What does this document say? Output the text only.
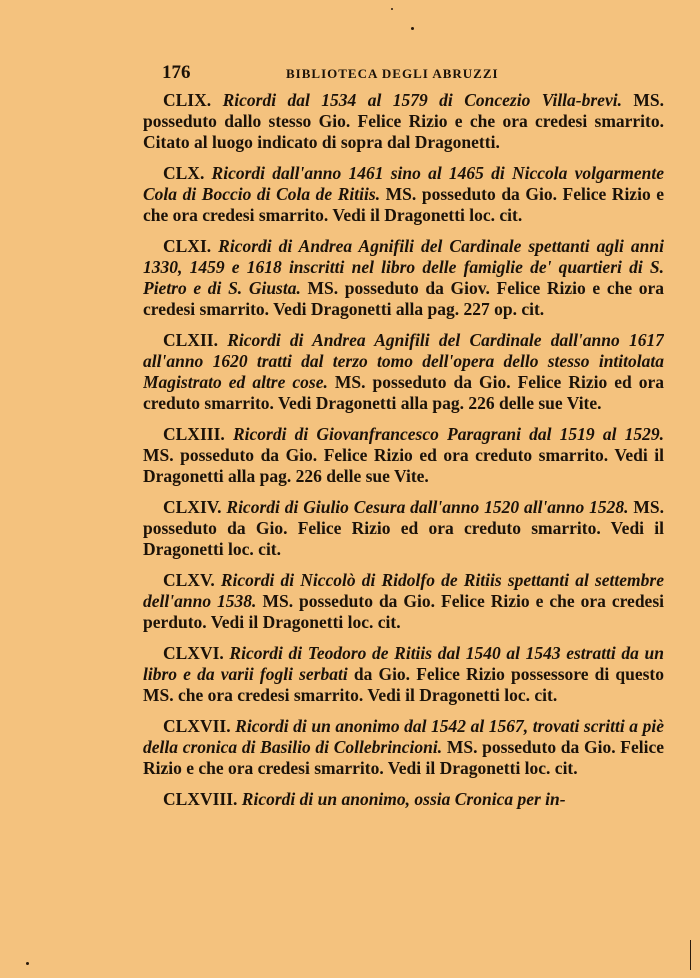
176	BIBLIOTECA DEGLI ABRUZZI

CLIX. Ricordi dal 1534 al 1579 di Concezio Villa-brevi. MS. posseduto dallo stesso Gio. Felice Rizio e che ora credesi smarrito. Citato al luogo indicato di sopra dal Dragonetti.

CLX. Ricordi dall'anno 1461 sino al 1465 di Niccola volgarmente Cola di Boccio di Cola de Ritiis. MS. posseduto da Gio. Felice Rizio e che ora credesi smarrito. Vedi il Dragonetti loc. cit.

CLXI. Ricordi di Andrea Agnifili del Cardinale spettanti agli anni 1330, 1459 e 1618 inscritti nel libro delle famiglie de' quartieri di S. Pietro e di S. Giusta. MS. posseduto da Giov. Felice Rizio e che ora credesi smarrito. Vedi Dragonetti alla pag. 227 op. cit.

CLXII. Ricordi di Andrea Agnifili del Cardinale dall'anno 1617 all'anno 1620 tratti dal terzo tomo dell'opera dello stesso intitolata Magistrato ed altre cose. MS. posseduto da Gio. Felice Rizio ed ora creduto smarrito. Vedi Dragonetti alla pag. 226 delle sue Vite.

CLXIII. Ricordi di Giovanfrancesco Paragrani dal 1519 al 1529. MS. posseduto da Gio. Felice Rizio ed ora creduto smarrito. Vedi il Dragonetti alla pag. 226 delle sue Vite.

CLXIV. Ricordi di Giulio Cesura dall'anno 1520 all'anno 1528. MS. posseduto da Gio. Felice Rizio ed ora creduto smarrito. Vedi il Dragonetti loc. cit.

CLXV. Ricordi di Niccolò di Ridolfo de Ritiis spettanti al settembre dell'anno 1538. MS. posseduto da Gio. Felice Rizio e che ora credesi perduto. Vedi il Dragonetti loc. cit.

CLXVI. Ricordi di Teodoro de Ritiis dal 1540 al 1543 estratti da un libro e da varii fogli serbati da Gio. Felice Rizio possessore di questo MS. che ora credesi smarrito. Vedi il Dragonetti loc. cit.

CLXVII. Ricordi di un anonimo dal 1542 al 1567, trovati scritti a piè della cronica di Basilio di Collebrincioni. MS. posseduto da Gio. Felice Rizio e che ora credesi smarrito. Vedi il Dragonetti loc. cit.

CLXVIII. Ricordi di un anonimo, ossia Cronica per in-
